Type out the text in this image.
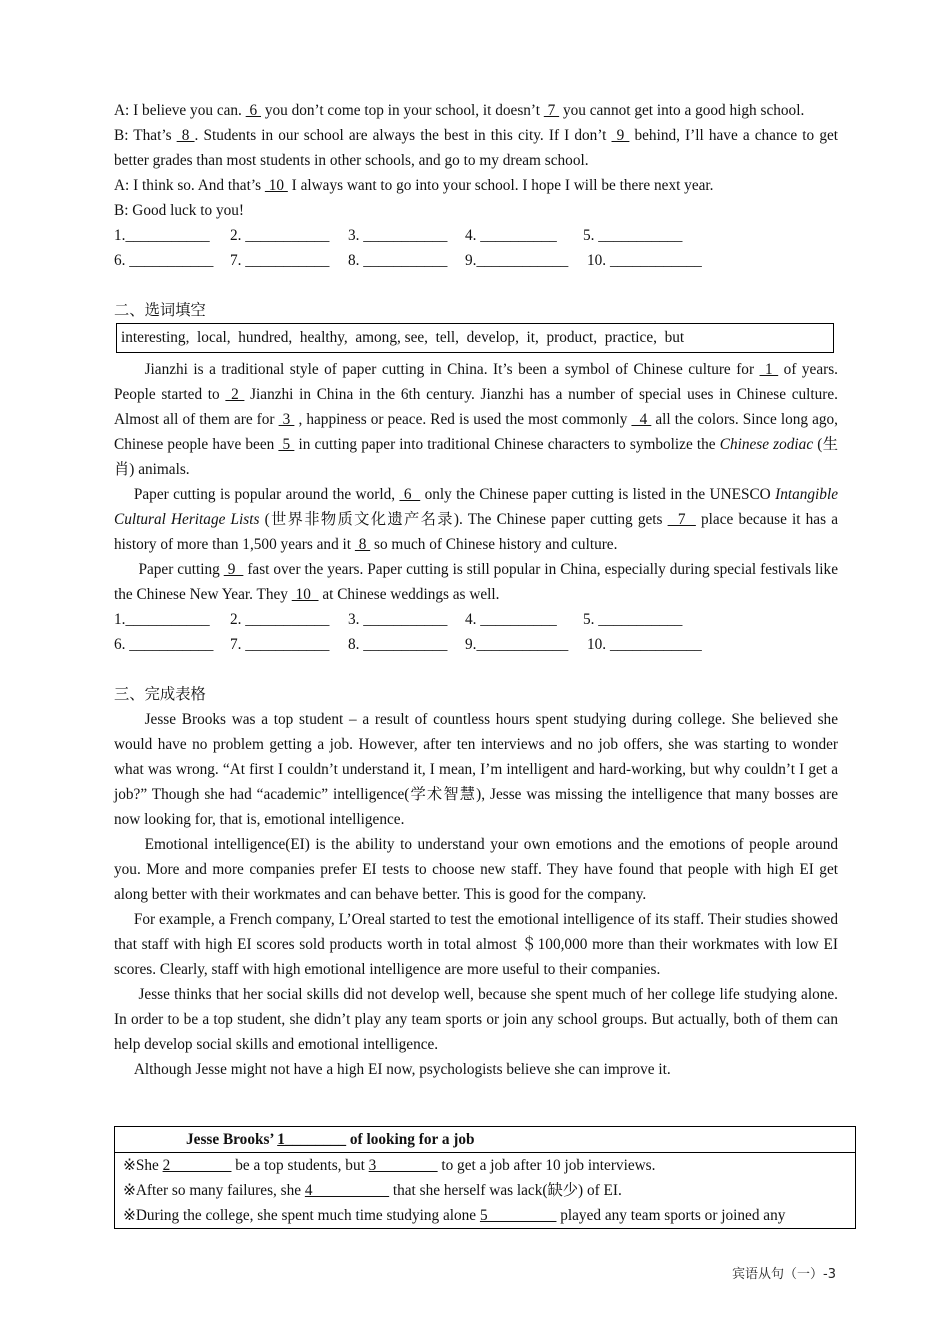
A: I believe you can.  6  you don’t come top in your school, it doesn’t  7  you cannot get into a good high school.

B: That’s  8 . Students in our school are always the best in this city. If I don’t  9  behind, I’ll have a chance to get better grades than most students in other schools, and go to my dream school.

A: I think so. And that’s  10  I always want to go into your school. I hope I will be there next year.

B: Good luck to you!

1.___________	2. ___________	3. ___________	4. __________	5. ___________
6. ___________	7. ___________	8. ___________	9.____________	10. ____________

二、选词填空

interesting,  local,  hundred,  healthy,  among, see,  tell,  develop,  it,  product,  practice,  but

Jianzhi is a traditional style of paper cutting in China. It’s been a symbol of Chinese culture for  1  of years. People started to  2  Jianzhi in China in the 6th century. Jianzhi has a number of special uses in Chinese culture. Almost all of them are for  3  , happiness or peace. Red is used the most commonly   4  all the colors. Since long ago, Chinese people have been  5  in cutting paper into traditional Chinese characters to symbolize the Chinese zodiac (生肖) animals.

Paper cutting is popular around the world,  6   only the Chinese paper cutting is listed in the UNESCO Intangible Cultural Heritage Lists (世界非物质文化遗产名录). The Chinese paper cutting gets   7   place because it has a history of more than 1,500 years and it  8  so much of Chinese history and culture.

Paper cutting  9   fast over the years. Paper cutting is still popular in China, especially during special festivals like the Chinese New Year. They  10   at Chinese weddings as well.

1.___________	2. ___________	3. ___________	4. __________	5. ___________
6. ___________	7. ___________	8. ___________	9.____________	10. ____________

三、完成表格

Jesse Brooks was a top student – a result of countless hours spent studying during college. She believed she would have no problem getting a job. However, after ten interviews and no job offers, she was starting to wonder what was wrong. “At first I couldn’t understand it, I mean, I’m intelligent and hard-working, but why couldn’t I get a job?” Though she had “academic” intelligence(学术智慧), Jesse was missing the intelligence that many bosses are now looking for, that is, emotional intelligence.

Emotional intelligence(EI) is the ability to understand your own emotions and the emotions of people around you. More and more companies prefer EI tests to choose new staff. They have found that people with high EI get along better with their workmates and can behave better. This is good for the company.

For example, a French company, L’Oreal started to test the emotional intelligence of its staff. Their studies showed that staff with high EI scores sold products worth in total almost ＄100,000 more than their workmates with low EI scores. Clearly, staff with high emotional intelligence are more useful to their companies.

Jesse thinks that her social skills did not develop well, because she spent much of her college life studying alone. In order to be a top student, she didn’t play any team sports or join any school groups. But actually, both of them can help develop social skills and emotional intelligence.

Although Jesse might not have a high EI now, psychologists believe she can improve it.

Jesse Brooks’ 1________ of looking for a job

※She 2________ be a top students, but 3________ to get a job after 10 job interviews.
※After so many failures, she 4__________ that she herself was lack(缺少) of EI.
※During the college, she spent much time studying alone 5_________ played any team sports or joined any
宾语从句（一）-3
